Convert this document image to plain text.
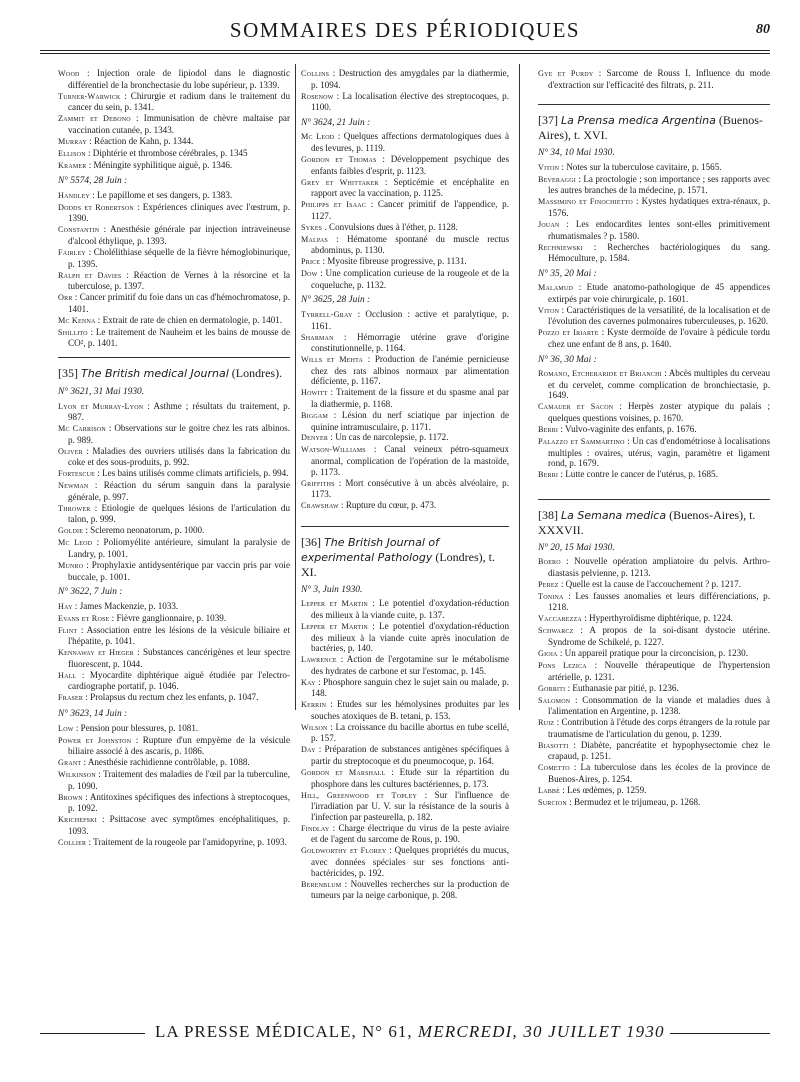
SOMMAIRES DES PÉRIODIQUES	80

Wood : Injection orale de lipiodol dans le diagnostic différentiel de la bronchectasie du lobe supérieur, p. 1339.

Turner-Warwick : Chirurgie et radium dans le traitement du cancer du sein, p. 1341.

Zammit et Debono : Immunisation de chèvre maltaise par vaccination cutanée, p. 1343.

Murray : Réaction de Kahn, p. 1344.

Ellison : Diphtérie et thrombose cérébrales, p. 1345

Kramer : Méningite syphilitique aiguë, p. 1346.

N° 5574, 28 Juin :

Handley : Le papillome et ses dangers, p. 1383.

Dodds et Robertson : Expériences cliniques avec l'œstrum, p. 1390.

Constantin : Anesthésie générale par injection intraveineuse d'alcool éthylique, p. 1393.

Fairley : Cholélithiase séquelle de la fièvre hémoglobinurique, p. 1395.

Ralph et Davies : Réaction de Vernes à la résorcine et la tuberculose, p. 1397.

Orr : Cancer primitif du foie dans un cas d'hémochromatose, p. 1401.

Mc Kenna : Extrait de rate de chien en dermatologie, p. 1401.

Shillito : Le traitement de Nauheim et les bains de mousse de CO², p. 1401.

[35] The British medical Journal (Londres).
N° 3621, 31 Mai 1930.

Lyon et Murray-Lyon : Asthme ; résultats du traitement, p. 987.

Mc Carrison : Observations sur le goitre chez les rats albinos. p. 989.

Oliver : Maladies des ouvriers utilisés dans la fabrication du coke et des sous-produits, p. 992.

Fortescue : Les bains utilisés comme climats artificiels, p. 994.

Newman : Réaction du sérum sanguin dans la paralysie générale, p. 997.

Thrower : Etiologie de quelques lésions de l'articulation du talon, p. 999.

Goldie : Scleremo neonatorum, p. 1000.

Mc Leod : Poliomyélite antérieure, simulant la paralysie de Landry, p. 1001.

Munro : Prophylaxie antidysentérique par vaccin pris par voie buccale, p. 1001.

N° 3622, 7 Juin :

Hay : James Mackenzie, p. 1033.

Evans et Rose : Fièvre ganglionnaire, p. 1039.

Flint : Association entre les lésions de la vésicule biliaire et l'hépatite, p. 1041.

Kennaway et Hieger : Substances cancérigènes et leur spectre fluorescent, p. 1044.

Hall : Myocardite diphtérique aiguë étudiée par l'electro-cardiographe portatif, p. 1046.

Fraser : Prolapsus du rectum chez les enfants, p. 1047.

N° 3623, 14 Juin :

Low : Pension pour blessures, p. 1081.

Power et Johnston : Rupture d'un empyème de la vésicule biliaire associé à des ascaris, p. 1086.

Grant : Anesthésie rachidienne contrôlable, p. 1088.

Wilkinson : Traitement des maladies de l'œil par la tuberculine, p. 1090.

Brown : Antitoxines spécifiques des infections à streptocoques, p. 1092.

Krichefski : Psittacose avec symptômes encéphalitiques, p. 1093.

Collier : Traitement de la rougeole par l'amidopyrine, p. 1093.

Collins : Destruction des amygdales par la diathermie, p. 1094.

Rosenow : La localisation élective des streptocoques, p. 1100.

N° 3624, 21 Juin :

Mc Leod : Quelques affections dermatologiques dues à des levures, p. 1119.

Gordon et Thomas : Développement psychique des enfants faibles d'esprit, p. 1123.

Grey et Whittaker : Septicémie et encéphalite en rapport avec la vaccination, p. 1125.

Philipps et Isaac : Cancer primitif de l'appendice, p. 1127.

Sykes . Convulsions dues à l'éther, p. 1128.

Malpas : Hématome spontané du muscle rectus abdominus, p. 1130.

Price : Myosite fibreuse progressive, p. 1131.

Dow : Une complication curieuse de la rougeole et de la coqueluche, p. 1132.

N° 3625, 28 Juin :

Tyrrell-Gray : Occlusion : active et paralytique, p. 1161.

Sharman : Hémorragie utérine grave d'origine constitutionnelle, p. 1164.

Wills et Mehta : Production de l'anémie pernicieuse chez des rats albinos normaux par alimentation déficiente, p. 1167.

Howitt : Traitement de la fissure et du spasme anal par la diathermie, p. 1168.

Biggam : Lésion du nerf sciatique par injection de quinine intramusculaire, p. 1171.

Denyer : Un cas de narcolepsie, p. 1172.

Watson-Williams : Canal veineux pétro-squameux anormal, complication de l'opération de la mastoïde, p. 1173.

Griffiths : Mort consécutive à un abcès alvéolaire, p. 1173.

Crawshaw : Rupture du cœur, p. 473.

[36] The British Journal of experimental Pathology (Londres), t. XI.
N° 3, Juin 1930.

Lepper et Martin : Le potentiel d'oxydation-réduction des milieux à la viande cuite, p. 137.

Lepper et Martin : Le potentiel d'oxydation-réduction des milieux à la viande cuite après inoculation de bactéries, p. 140.

Lawrence : Action de l'ergotamine sur le métabolisme des hydrates de carbone et sur l'estomac, p. 145.

Kay : Phosphore sanguin chez le sujet sain ou malade, p. 148.

Kerrin : Etudes sur les hémolysines produites par les souches atoxiques de B. tetani, p. 153.

Wilson : La croissance du bacille abortus en tube scellé, p. 157.

Day : Préparation de substances antigènes spécifiques à partir du streptocoque et du pneumocoque, p. 164.

Gordon et Marshall : Etude sur la répartition du phosphore dans les cultures bactériennes, p. 173.

Hill, Greenwood et Topley : Sur l'influence de l'irradiation par U. V. sur la résistance de la souris à l'infection par pasteurella, p. 182.

Findlay : Charge électrique du virus de la peste aviaire et de l'agent du sarcome de Rous, p. 190.

Goldworthy et Florey : Quelques propriétés du mucus, avec données spéciales sur ses fonctions anti-bactéricides, p. 192.

Berenblum : Nouvelles recherches sur la production de tumeurs par la neige carbonique, p. 208.

Gye et Purdy : Sarcome de Rouss I. Influence du mode d'extraction sur l'efficacité des filtrats, p. 211.

[37] La Prensa medica Argentina (Buenos-Aires), t. XVI.
N° 34, 10 Mai 1930.

Viton : Notes sur la tuberculose cavitaire, p. 1565.

Beveraggi : La proctologie ; son importance ; ses rapports avec les autres branches de la médecine, p. 1571.

Massimino et Finochietto : Kystes hydatiques extra-rénaux, p. 1576.

Jouan : Les endocardites lentes sont-elles primitivement rhumatismales ? p. 1580.

Rechniewski : Recherches bactériologiques du sang. Hémoculture, p. 1584.

N° 35, 20 Mai :

Malamud : Etude anatomo-pathologique de 45 appendices extirpés par voie chirurgicale, p. 1601.

Viton : Caractéristiques de la versatilité, de la localisation et de l'évolution des cavernes pulmonaires tuberculeuses, p. 1620.

Pozzo et Iriarte : Kyste dermoïde de l'ovaire à pédicule tordu chez une enfant de 8 ans, p. 1640.

N° 36, 30 Mai :

Romano, Etcheraride et Brianchi : Abcès multiples du cerveau et du cervelet, comme complication de bronchiectasie, p. 1649.

Camauer et Sacon : Herpès zoster atypique du palais ; quelques questions voisines, p. 1670.

Berri : Vulvo-vaginite des enfants, p. 1676.

Palazzo et Sammartino : Un cas d'endométriose à localisations multiples : ovaires, utérus, vagin, paramètre et ligament rond, p. 1679.

Berri : Lutte contre le cancer de l'utérus, p. 1685.

[38] La Semana medica (Buenos-Aires), t. XXXVII.
N° 20, 15 Mai 1930.

Boero : Nouvelle opération ampliatoire du pelvis. Arthro-diastasis pelvienne, p. 1213.

Perez : Quelle est la cause de l'accouchement ? p. 1217.

Tonina : Les fausses anomalies et leurs différenciations, p. 1218.

Vaccarezza : Hyperthyroïdisme diphtérique, p. 1224.

Schwarcz : A propos de la soi-disant dystocie utérine. Syndrome de Schikelé, p. 1227.

Gioia : Un appareil pratique pour la circoncision, p. 1230.

Pons Lezica : Nouvelle thérapeutique de l'hypertension artérielle, p. 1231.

Gorriti : Euthanasie par pitié, p. 1236.

Salomon : Consommation de la viande et maladies dues à l'alimentation en Argentine, p. 1238.

Ruiz : Contribution à l'étude des corps étrangers de la rotule par traumatisme de l'articulation du genou, p. 1239.

Biasotti : Diabète, pancréatite et hypophysectomie chez le crapaud, p. 1251.

Cometto : La tuberculose dans les écoles de la province de Buenos-Aires, p. 1254.

Labbé : Les œdèmes, p. 1259.

Surcion : Bermudez et le trijumeau, p. 1268.

LA PRESSE MÉDICALE, N° 61, MERCREDI, 30 JUILLET 1930
